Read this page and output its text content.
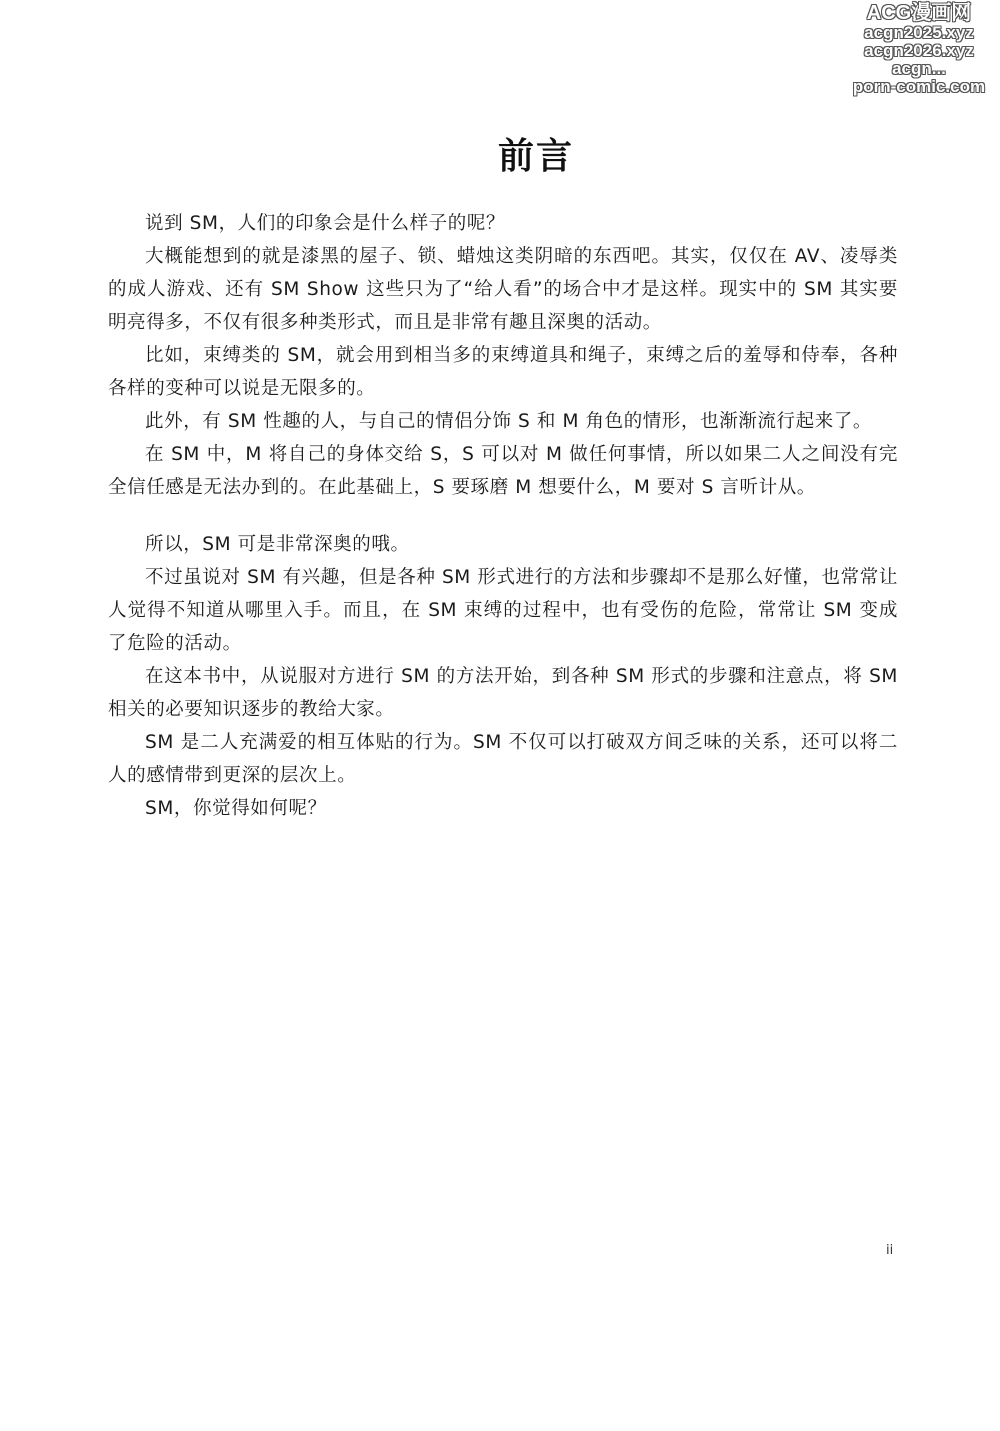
ACG漫画网
acgn2025.xyz
acgn2026.xyz
acgn...
porn-comic.com
前言

说到 SM，人们的印象会是什么样子的呢？

大概能想到的就是漆黑的屋子、锁、蜡烛这类阴暗的东西吧。其实，仅仅在 AV、凌辱类的成人游戏、还有 SM Show 这些只为了“给人看”的场合中才是这样。现实中的 SM 其实要明亮得多，不仅有很多种类形式，而且是非常有趣且深奥的活动。

比如，束缚类的 SM，就会用到相当多的束缚道具和绳子，束缚之后的羞辱和侍奉，各种各样的变种可以说是无限多的。

此外，有 SM 性趣的人，与自己的情侣分饰 S 和 M 角色的情形，也渐渐流行起来了。

在 SM 中，M 将自己的身体交给 S，S 可以对 M 做任何事情，所以如果二人之间没有完全信任感是无法办到的。在此基础上，S 要琢磨 M 想要什么，M 要对 S 言听计从。

所以，SM 可是非常深奥的哦。

不过虽说对 SM 有兴趣，但是各种 SM 形式进行的方法和步骤却不是那么好懂，也常常让人觉得不知道从哪里入手。而且，在 SM 束缚的过程中，也有受伤的危险，常常让 SM 变成了危险的活动。

在这本书中，从说服对方进行 SM 的方法开始，到各种 SM 形式的步骤和注意点，将 SM 相关的必要知识逐步的教给大家。

SM 是二人充满爱的相互体贴的行为。SM 不仅可以打破双方间乏味的关系，还可以将二人的感情带到更深的层次上。

SM，你觉得如何呢？

ii
